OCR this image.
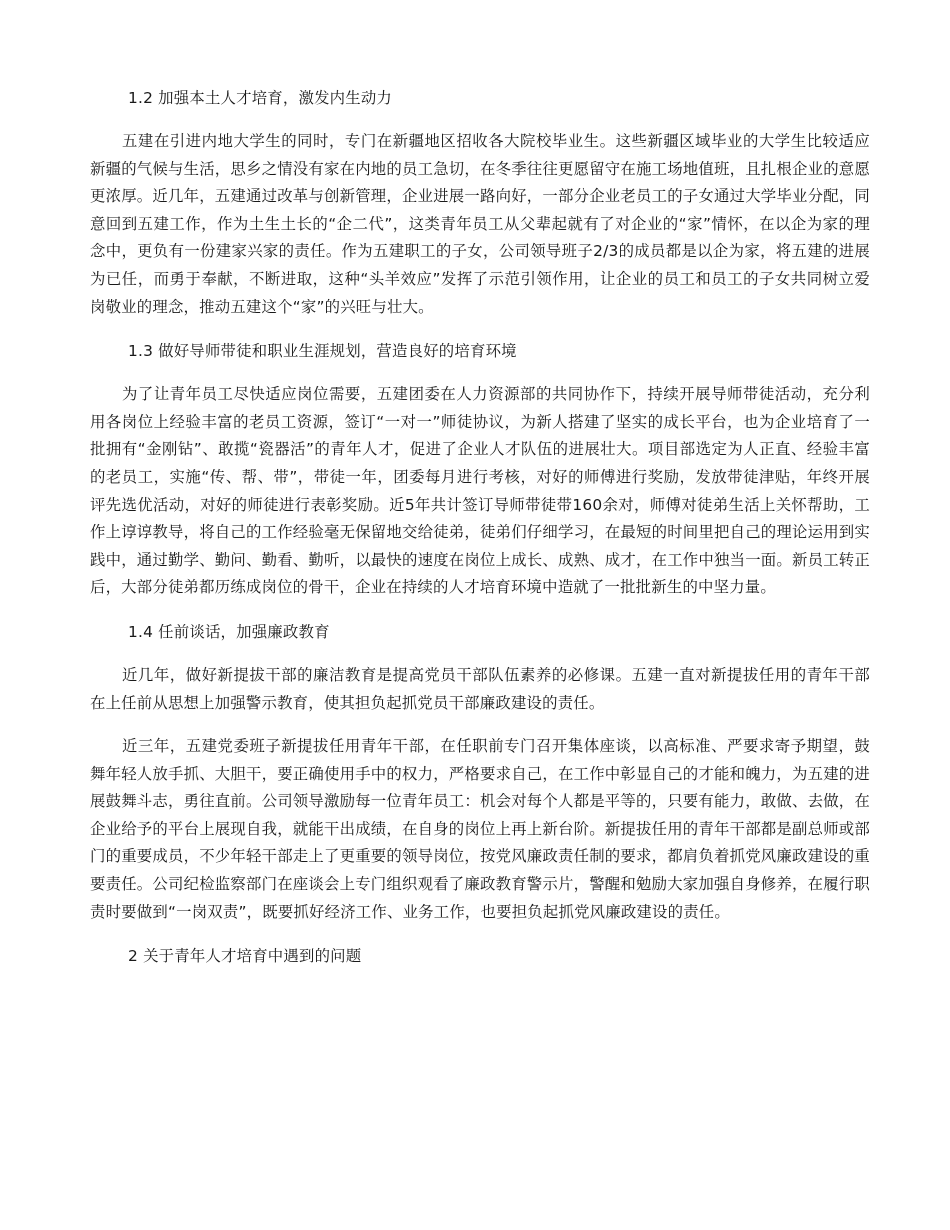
1.2 加强本土人才培育，激发内生动力

五建在引进内地大学生的同时，专门在新疆地区招收各大院校毕业生。这些新疆区域毕业的大学生比较适应新疆的气候与生活，思乡之情没有家在内地的员工急切，在冬季往往更愿留守在施工场地值班，且扎根企业的意愿更浓厚。近几年，五建通过改革与创新管理，企业进展一路向好，一部分企业老员工的子女通过大学毕业分配，同意回到五建工作，作为土生土长的“企二代”，这类青年员工从父辈起就有了对企业的“家”情怀，在以企为家的理念中，更负有一份建家兴家的责任。作为五建职工的子女，公司领导班子2/3的成员都是以企为家，将五建的进展为已任，而勇于奉献，不断进取，这种“头羊效应”发挥了示范引领作用，让企业的员工和员工的子女共同树立爱岗敬业的理念，推动五建这个“家”的兴旺与壮大。

1.3 做好导师带徒和职业生涯规划，营造良好的培育环境

为了让青年员工尽快适应岗位需要，五建团委在人力资源部的共同协作下，持续开展导师带徒活动，充分利用各岗位上经验丰富的老员工资源，签订“一对一”师徒协议，为新人搭建了坚实的成长平台，也为企业培育了一批拥有“金刚钻”、敢揽“瓷器活”的青年人才，促进了企业人才队伍的进展壮大。项目部选定为人正直、经验丰富的老员工，实施“传、帮、带”，带徒一年，团委每月进行考核，对好的师傅进行奖励，发放带徒津贴，年终开展评先选优活动，对好的师徒进行表彰奖励。近5年共计签订导师带徒带160余对，师傅对徒弟生活上关怀帮助，工作上谆谆教导，将自己的工作经验毫无保留地交给徒弟，徒弟们仔细学习，在最短的时间里把自己的理论运用到实践中，通过勤学、勤问、勤看、勤听，以最快的速度在岗位上成长、成熟、成才，在工作中独当一面。新员工转正后，大部分徒弟都历练成岗位的骨干，企业在持续的人才培育环境中造就了一批批新生的中坚力量。

1.4 任前谈话，加强廉政教育

近几年，做好新提拔干部的廉洁教育是提高党员干部队伍素养的必修课。五建一直对新提拔任用的青年干部在上任前从思想上加强警示教育，使其担负起抓党员干部廉政建设的责任。

近三年，五建党委班子新提拔任用青年干部，在任职前专门召开集体座谈，以高标准、严要求寄予期望，鼓舞年轻人放手抓、大胆干，要正确使用手中的权力，严格要求自己，在工作中彰显自己的才能和魄力，为五建的进展鼓舞斗志，勇往直前。公司领导激励每一位青年员工：机会对每个人都是平等的，只要有能力，敢做、去做，在企业给予的平台上展现自我，就能干出成绩，在自身的岗位上再上新台阶。新提拔任用的青年干部都是副总师或部门的重要成员，不少年轻干部走上了更重要的领导岗位，按党风廉政责任制的要求，都肩负着抓党风廉政建设的重要责任。公司纪检监察部门在座谈会上专门组织观看了廉政教育警示片，警醒和勉励大家加强自身修养，在履行职责时要做到“一岗双责”，既要抓好经济工作、业务工作，也要担负起抓党风廉政建设的责任。

2 关于青年人才培育中遇到的问题
